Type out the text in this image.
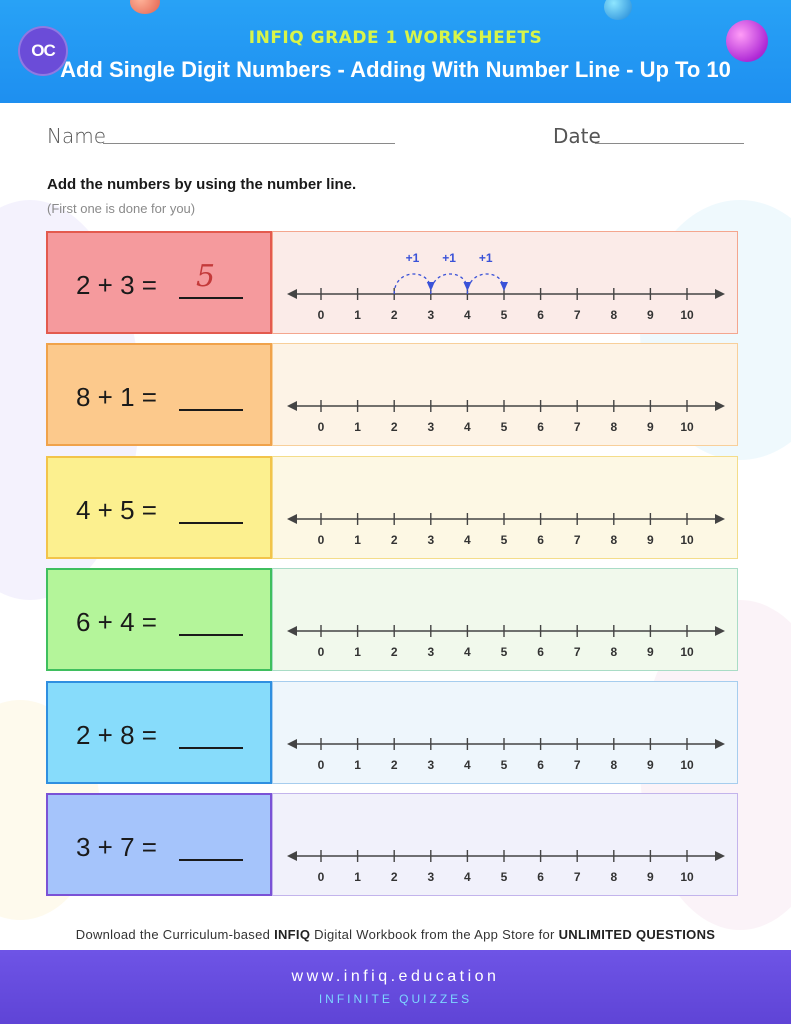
OC
INFIQ GRADE 1 WORKSHEETS
Add Single Digit Numbers - Adding With Number Line - Up To 10
Name	Date
Add the numbers by using the number line.
(First one is done for you)
2 + 3 = 5
0 1 2 3 4 5 6 7 8 9 10
+1 +1 +1
8 + 1 =
0 1 2 3 4 5 6 7 8 9 10
4 + 5 =
0 1 2 3 4 5 6 7 8 9 10
6 + 4 =
0 1 2 3 4 5 6 7 8 9 10
2 + 8 =
0 1 2 3 4 5 6 7 8 9 10
3 + 7 =
0 1 2 3 4 5 6 7 8 9 10
Download the Curriculum-based INFIQ Digital Workbook from the App Store for UNLIMITED QUESTIONS
www.infiq.education
INFINITE QUIZZES
